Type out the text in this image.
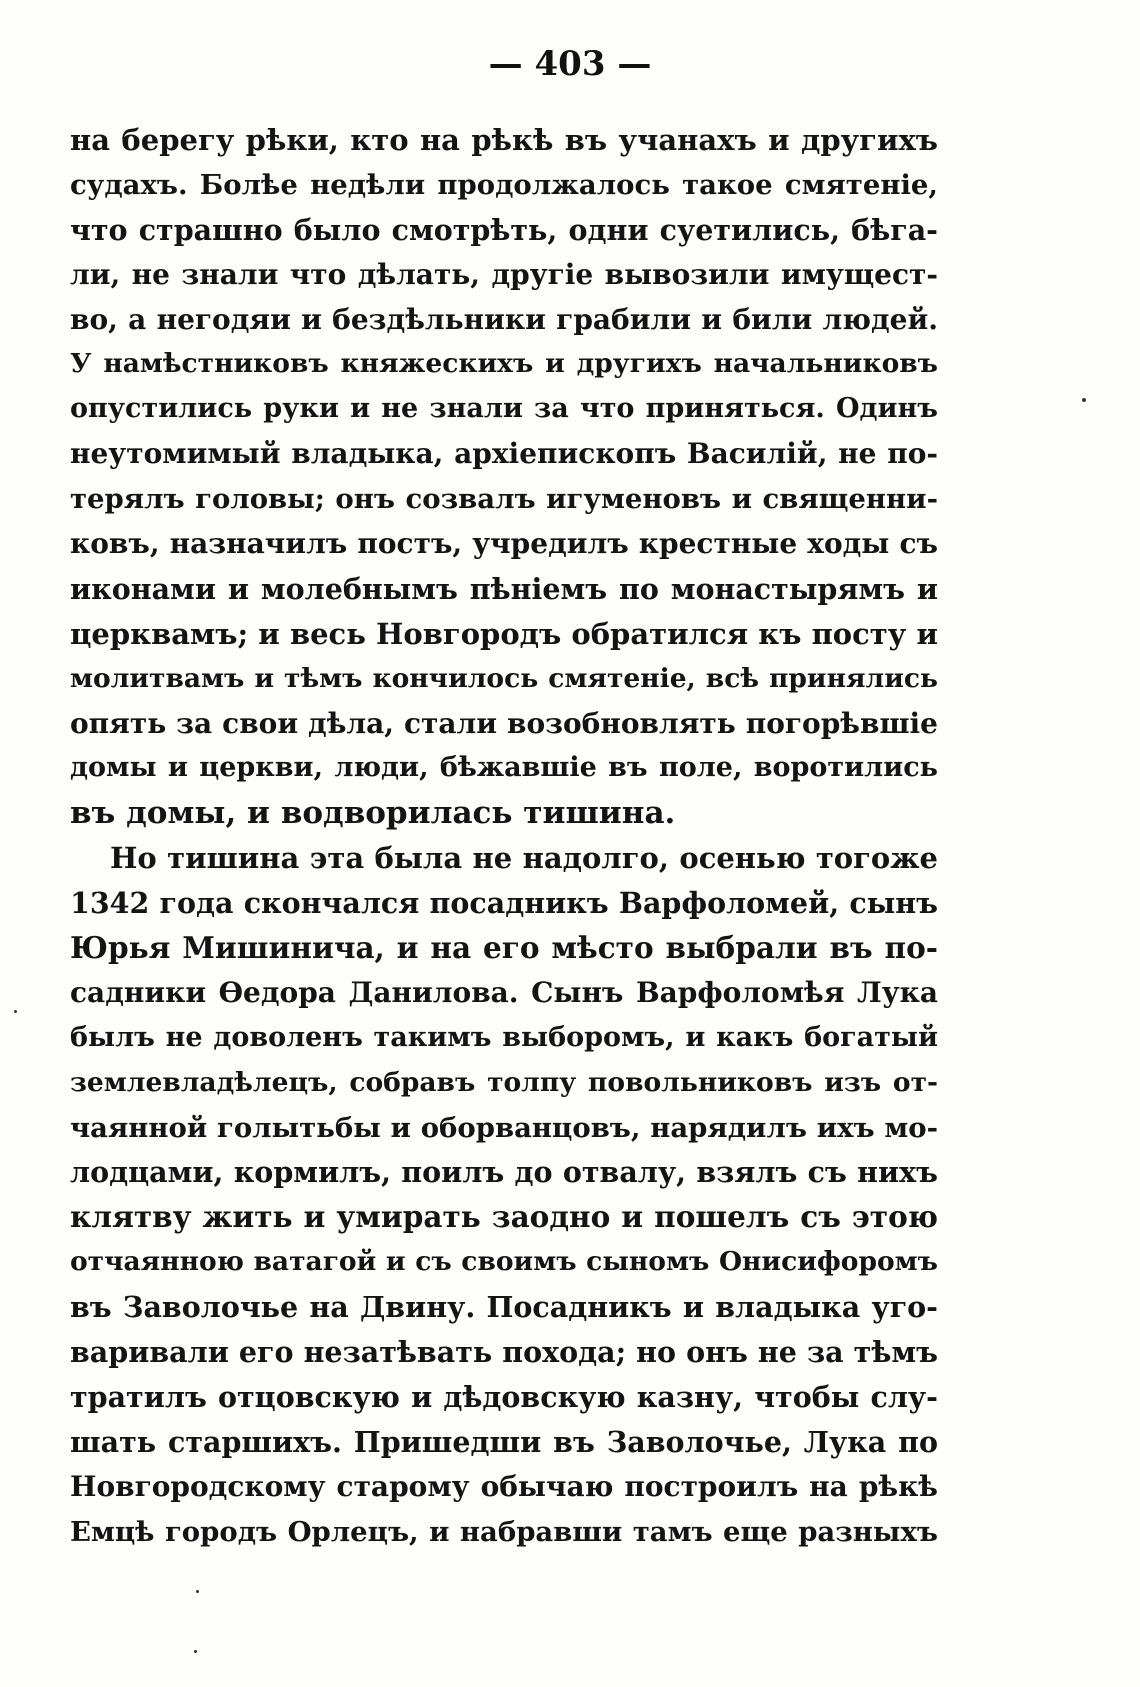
— 403 —
на берегу рѣки, кто на рѣкѣ въ учанахъ и другихъ
судахъ. Болѣе недѣли продолжалось такое смятеніе,
что страшно было смотрѣть, одни суетились, бѣга-
ли, не знали что дѣлать, другіе вывозили имущест-
во, а негодяи и бездѣльники грабили и били людей.
У намѣстниковъ княжескихъ и другихъ начальниковъ
опустились руки и не знали за что приняться. Одинъ
неутомимый владыка, архіепископъ Василій, не по-
терялъ головы; онъ созвалъ игуменовъ и священни-
ковъ, назначилъ постъ, учредилъ крестные ходы съ
иконами и молебнымъ пѣніемъ по монастырямъ и
церквамъ; и весь Новгородъ обратился къ посту и
молитвамъ и тѣмъ кончилось смятеніе, всѣ принялись
опять за свои дѣла, стали возобновлять погорѣвшіе
домы и церкви, люди, бѣжавшіе въ поле, воротились
въ домы, и водворилась тишина.
Но тишина эта была не надолго, осенью тогоже
1342 года скончался посадникъ Варфоломей, сынъ
Юрья Мишинича, и на его мѣсто выбрали въ по-
садники Ѳедора Данилова. Сынъ Варфоломѣя Лука
былъ не доволенъ такимъ выборомъ, и какъ богатый
землевладѣлецъ, собравъ толпу повольниковъ изъ от-
чаянной голытьбы и оборванцовъ, нарядилъ ихъ мо-
лодцами, кормилъ, поилъ до отвалу, взялъ съ нихъ
клятву жить и умирать заодно и пошелъ съ этою
отчаянною ватагой и съ своимъ сыномъ Онисифоромъ
въ Заволочье на Двину. Посадникъ и владыка уго-
варивали его незатѣвать похода; но онъ не за тѣмъ
тратилъ отцовскую и дѣдовскую казну, чтобы слу-
шать старшихъ. Пришедши въ Заволочье, Лука по
Новгородскому старому обычаю построилъ на рѣкѣ
Емцѣ городъ Орлецъ, и набравши тамъ еще разныхъ
